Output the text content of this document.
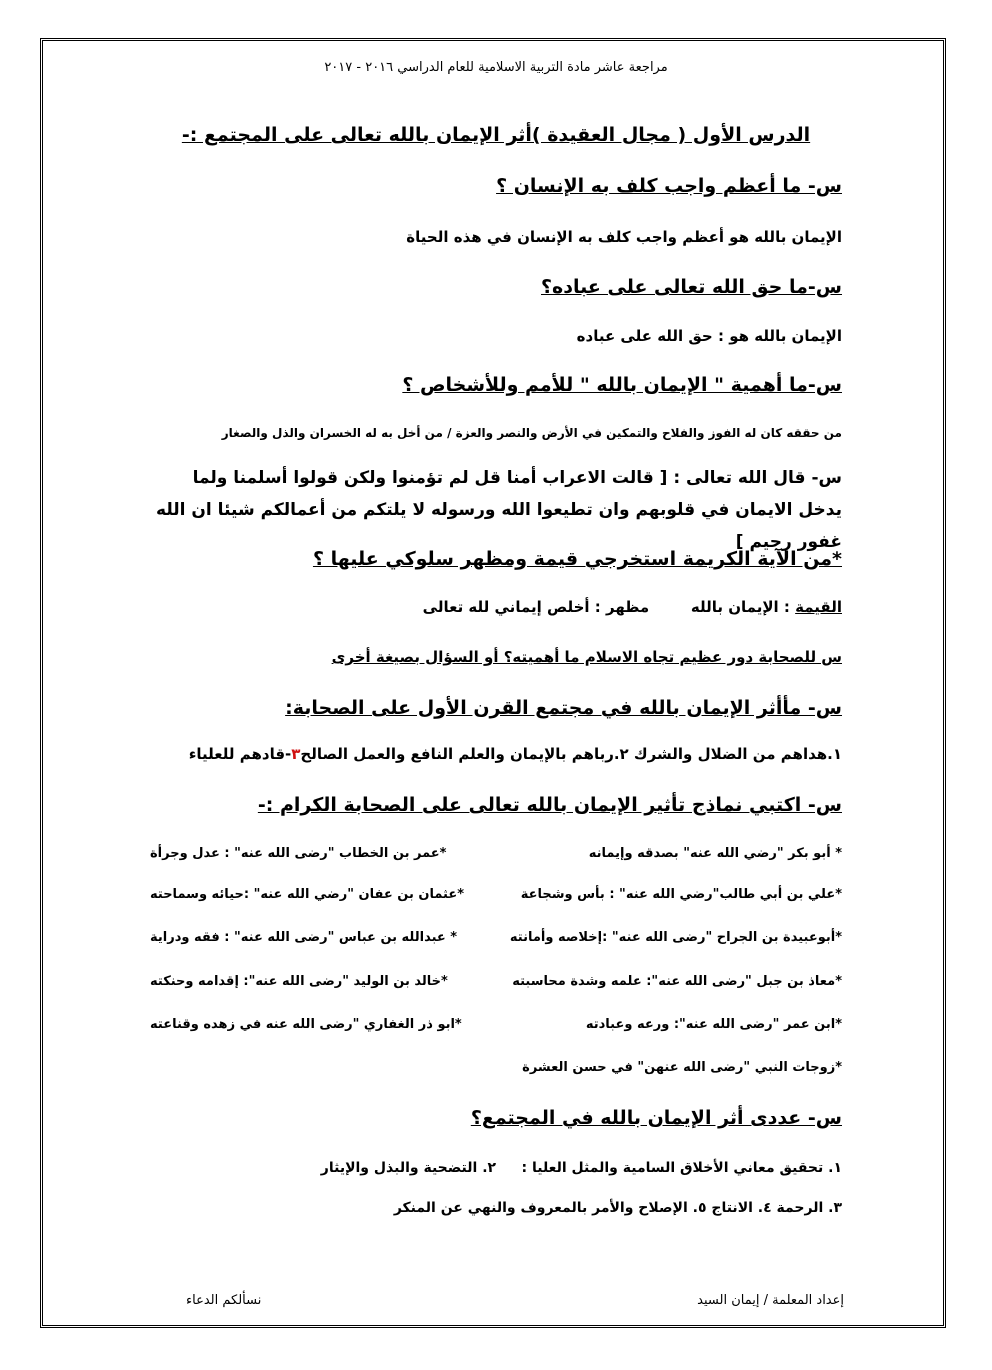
مراجعة عاشر مادة التربية الاسلامية للعام الدراسي ٢٠١٦ - ٢٠١٧
الدرس الأول ( مجال العقيدة )أثر الإيمان بالله تعالى على المجتمع :-
س- ما أعظم واجب كلف به الإنسان ؟
الإيمان بالله هو أعظم واجب كلف به الإنسان في هذه الحياة
س-ما حق الله تعالى على عباده؟
الإيمان بالله هو : حق الله على عباده
س-ما أهمية " الإيمان بالله " للأمم وللأشخاص ؟
من حققه كان له الفوز والفلاح والتمكين في الأرض والنصر والعزة / من أخل به له الخسران والذل والصغار
س- قال الله تعالى : [ قالت الاعراب أمنا قل لم تؤمنوا ولكن قولوا أسلمنا ولما يدخل الايمان في قلوبهم وان تطيعوا الله ورسوله لا يلتكم من أعمالكم شيئا ان الله غفور رحيم ]
*من الآية الكريمة استخرجي قيمة ومظهر سلوكي عليها ؟
القيمة : الإيمان بالله        مظهر : أخلص إيماني لله تعالى
س للصحابة دور عظيم تجاه الاسلام ما أهميته؟ أو السؤال بصيغة أخرى
س- مأأثر الإيمان بالله في مجتمع القرن الأول على الصحابة:
١.هداهم من الضلال والشرك ٢.رباهم بالإيمان والعلم النافع والعمل الصالح٣-قادهم للعلياء
س- اكتبي نماذج تأثير الإيمان بالله تعالى على الصحابة الكرام :-
* أبو بكر "رضي الله عنه" بصدقه وإيمانه
*عمر بن الخطاب "رضى الله عنه" : عدل وجرأة
*علي بن أبي طالب"رضي الله عنه" : بأس وشجاعة
*عثمان بن عفان "رضي الله عنه" :حيائه وسماحته
*أبوعبيدة بن الجراح "رضى الله عنه" :إخلاصه وأمانته
* عبدالله بن عباس "رضى الله عنه" : فقه ودراية
*معاذ بن جبل "رضى الله عنه": علمه وشدة محاسبته
*خالد بن الوليد "رضى الله عنه": إقدامه وحنكته
*ابن عمر "رضى الله عنه": ورعه وعبادته
*ابو ذر الغفاري "رضى الله عنه في زهده وقناعته
*زوجات النبي "رضى الله عنهن" في حسن العشرة
س- عددى أثر الإيمان بالله في المجتمع؟
١. تحقيق معاني الأخلاق السامية والمثل العليا :     ٢. التضحية والبذل والإيثار
٣. الرحمة ٤. الانتاج ٥. الإصلاح والأمر بالمعروف والنهي عن المنكر
إعداد المعلمة / إيمان السيد
نسألكم الدعاء
